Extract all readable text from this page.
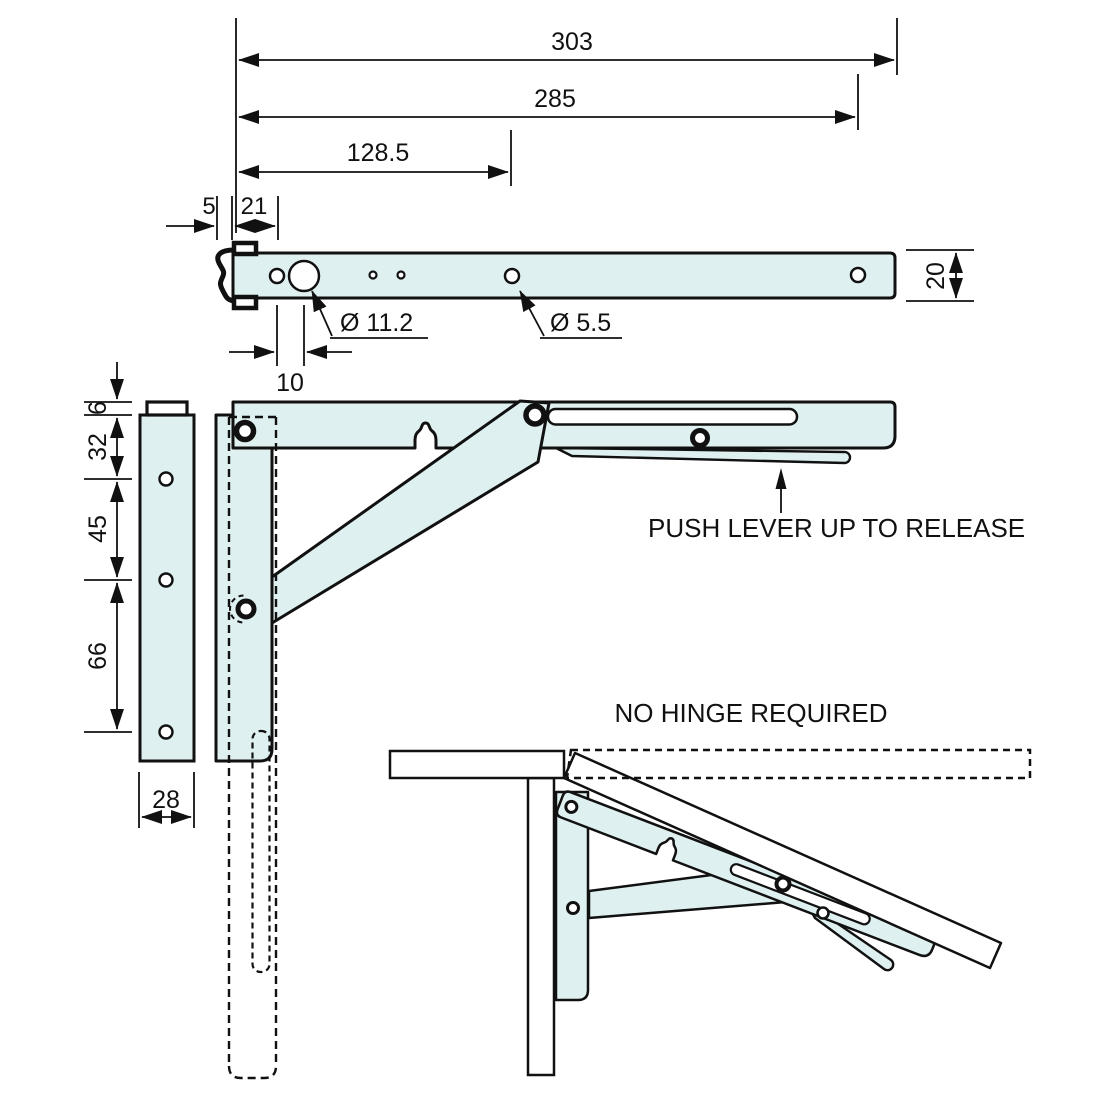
303
285
128.5
5 21
Ø 11.2	Ø 5.5
10
20
6
32
45
66
28
PUSH LEVER UP TO RELEASE
NO HINGE REQUIRED
